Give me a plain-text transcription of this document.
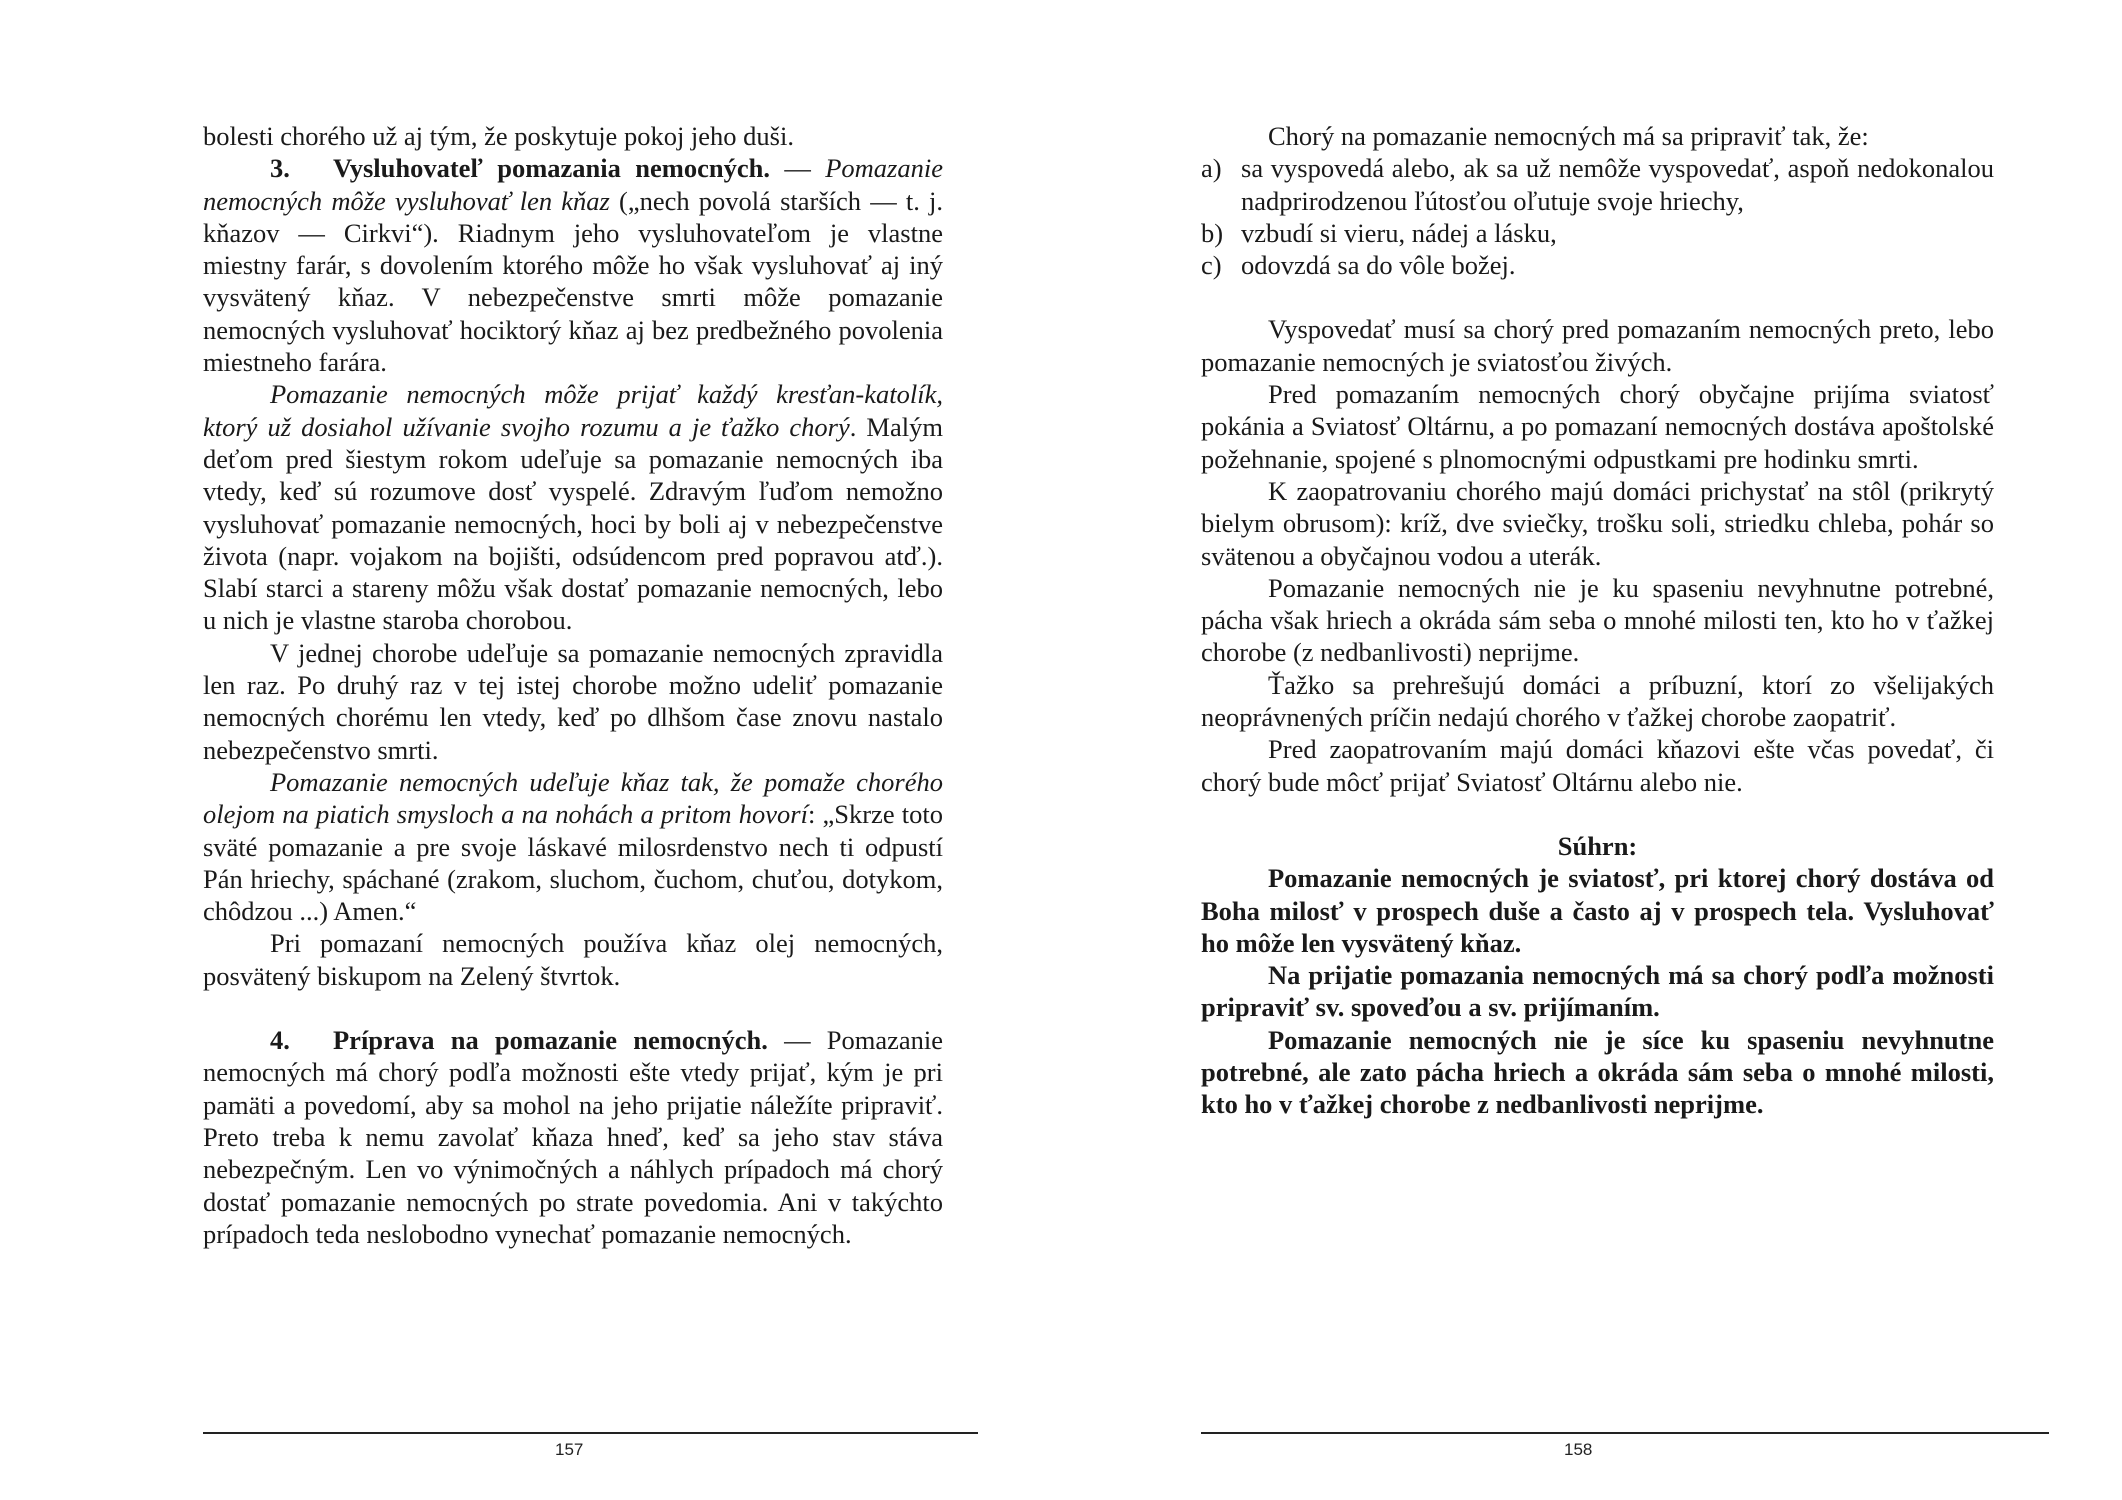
bolesti chorého už aj tým, že poskytuje pokoj jeho duši.

3. Vysluhovateľ pomazania nemocných. — Pomazanie nemocných môže vysluhovať len kňaz („nech povolá starších — t. j. kňazov — Cirkvi“). Riadnym jeho vysluhovateľom je vlastne miestny farár, s dovolením ktorého môže ho však vysluhovať aj iný vysvätený kňaz. V nebezpečenstve smrti môže pomazanie nemocných vysluhovať hociktorý kňaz aj bez predbežného povolenia miestneho farára.

Pomazanie nemocných môže prijať každý kresťan-katolík, ktorý už dosiahol užívanie svojho rozumu a je ťažko chorý. Malým deťom pred šiestym rokom udeľuje sa pomazanie nemocných iba vtedy, keď sú rozumove dosť vyspelé. Zdravým ľuďom nemožno vysluhovať pomazanie nemocných, hoci by boli aj v nebezpečenstve života (napr. vojakom na bojišti, odsúdencom pred popravou atď.). Slabí starci a stareny môžu však dostať pomazanie nemocných, lebo u nich je vlastne staroba chorobou.

V jednej chorobe udeľuje sa pomazanie nemocných zpravidla len raz. Po druhý raz v tej istej chorobe možno udeliť pomazanie nemocných chorému len vtedy, keď po dlhšom čase znovu nastalo nebezpečenstvo smrti.

Pomazanie nemocných udeľuje kňaz tak, že pomaže chorého olejom na piatich smysloch a na nohách a pritom hovorí: „Skrze toto sväté pomazanie a pre svoje láskavé milosrdenstvo nech ti odpustí Pán hriechy, spáchané (zrakom, sluchom, čuchom, chuťou, dotykom, chôdzou ...) Amen.“

Pri pomazaní nemocných používa kňaz olej nemocných, posvätený biskupom na Zelený štvrtok.

4. Príprava na pomazanie nemocných. — Pomazanie nemocných má chorý podľa možnosti ešte vtedy prijať, kým je pri pamäti a povedomí, aby sa mohol na jeho prijatie náležíte pripraviť. Preto treba k nemu zavolať kňaza hneď, keď sa jeho stav stáva nebezpečným. Len vo výnimočných a náhlych prípadoch má chorý dostať pomazanie nemocných po strate povedomia. Ani v takýchto prípadoch teda neslobodno vynechať pomazanie nemocných.

157

Chorý na pomazanie nemocných má sa pripraviť tak, že:

a) sa vyspovedá alebo, ak sa už nemôže vyspovedať, aspoň nedokonalou nadprirodzenou ľútosťou oľutuje svoje hriechy,
b) vzbudí si vieru, nádej a lásku,
c) odovzdá sa do vôle božej.

Vyspovedať musí sa chorý pred pomazaním nemocných preto, lebo pomazanie nemocných je sviatosťou živých.

Pred pomazaním nemocných chorý obyčajne prijíma sviatosť pokánia a Sviatosť Oltárnu, a po pomazaní nemocných dostáva apoštolské požehnanie, spojené s plnomocnými odpustkami pre hodinku smrti.

K zaopatrovaniu chorého majú domáci prichystať na stôl (prikrytý bielym obrusom): kríž, dve sviečky, trošku soli, striedku chleba, pohár so svätenou a obyčajnou vodou a uterák.

Pomazanie nemocných nie je ku spaseniu nevyhnutne potrebné, pácha však hriech a okráda sám seba o mnohé milosti ten, kto ho v ťažkej chorobe (z nedbanlivosti) neprijme.

Ťažko sa prehrešujú domáci a príbuzní, ktorí zo všelijakých neoprávnených príčin nedajú chorého v ťažkej chorobe zaopatriť.

Pred zaopatrovaním majú domáci kňazovi ešte včas povedať, či chorý bude môcť prijať Sviatosť Oltárnu alebo nie.

Súhrn:

Pomazanie nemocných je sviatosť, pri ktorej chorý dostáva od Boha milosť v prospech duše a často aj v prospech tela. Vysluhovať ho môže len vysvätený kňaz.

Na prijatie pomazania nemocných má sa chorý podľa možnosti pripraviť sv. spoveďou a sv. prijímaním.

Pomazanie nemocných nie je síce ku spaseniu nevyhnutne potrebné, ale zato pácha hriech a okráda sám seba o mnohé milosti, kto ho v ťažkej chorobe z nedbanlivosti neprijme.

158
